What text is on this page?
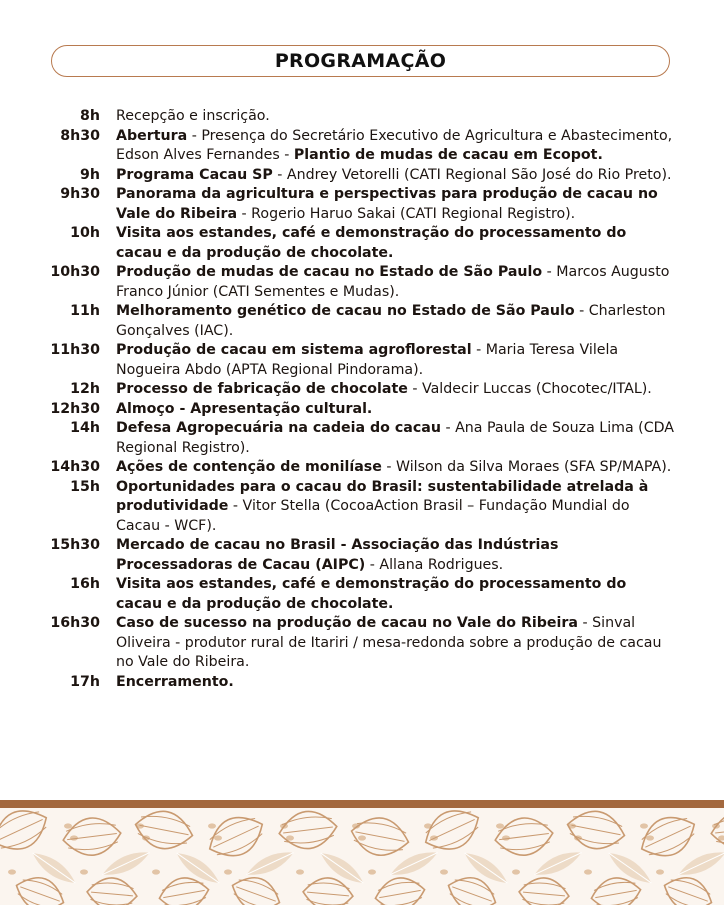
PROGRAMAÇÃO
8h Recepção e inscrição.
8h30 Abertura - Presença do Secretário Executivo de Agricultura e Abastecimento, Edson Alves Fernandes - Plantio de mudas de cacau em Ecopot.
9h Programa Cacau SP - Andrey Vetorelli (CATI Regional São José do Rio Preto).
9h30 Panorama da agricultura e perspectivas para produção de cacau no Vale do Ribeira - Rogerio Haruo Sakai (CATI Regional Registro).
10h Visita aos estandes, café e demonstração do processamento do cacau e da produção de chocolate.
10h30 Produção de mudas de cacau no Estado de São Paulo - Marcos Augusto Franco Júnior (CATI Sementes e Mudas).
11h Melhoramento genético de cacau no Estado de São Paulo - Charleston Gonçalves (IAC).
11h30 Produção de cacau em sistema agroflorestal - Maria Teresa Vilela Nogueira Abdo (APTA Regional Pindorama).
12h Processo de fabricação de chocolate - Valdecir Luccas (Chocotec/ITAL).
12h30 Almoço - Apresentação cultural.
14h Defesa Agropecuária na cadeia do cacau - Ana Paula de Souza Lima (CDA Regional Registro).
14h30 Ações de contenção de monilíase - Wilson da Silva Moraes (SFA SP/MAPA).
15h Oportunidades para o cacau do Brasil: sustentabilidade atrelada à produtividade - Vitor Stella (CocoaAction Brasil – Fundação Mundial do Cacau - WCF).
15h30 Mercado de cacau no Brasil - Associação das Indústrias Processadoras de Cacau (AIPC) - Allana Rodrigues.
16h Visita aos estandes, café e demonstração do processamento do cacau e da produção de chocolate.
16h30 Caso de sucesso na produção de cacau no Vale do Ribeira - Sinval Oliveira - produtor rural de Itariri / mesa-redonda sobre a produção de cacau no Vale do Ribeira.
17h Encerramento.
